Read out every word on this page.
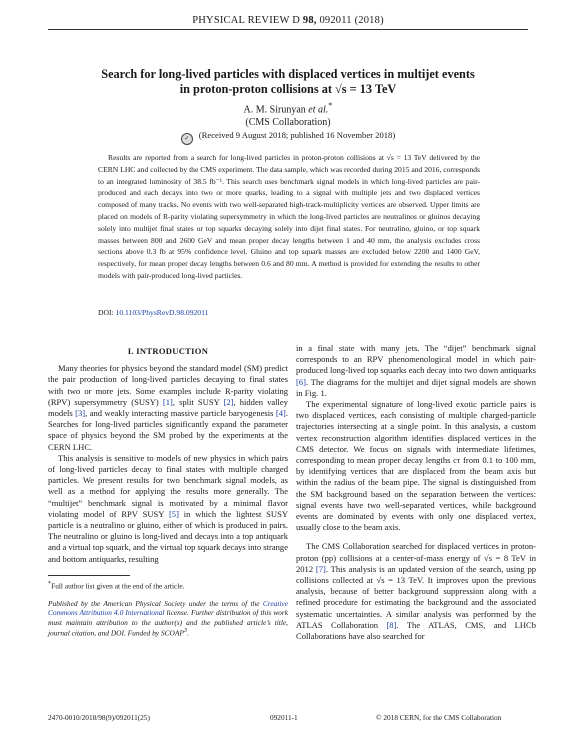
PHYSICAL REVIEW D 98, 092011 (2018)
Search for long-lived particles with displaced vertices in multijet events
in proton-proton collisions at √s = 13 TeV
A. M. Sirunyan et al.*
(CMS Collaboration)
✓ (Received 9 August 2018; published 16 November 2018)
Results are reported from a search for long-lived particles in proton-proton collisions at √s = 13 TeV delivered by the CERN LHC and collected by the CMS experiment. The data sample, which was recorded during 2015 and 2016, corresponds to an integrated luminosity of 38.5 fb⁻¹. This search uses benchmark signal models in which long-lived particles are pair-produced and each decays into two or more quarks, leading to a signal with multiple jets and two displaced vertices composed of many tracks. No events with two well-separated high-track-multiplicity vertices are observed. Upper limits are placed on models of R-parity violating supersymmetry in which the long-lived particles are neutralinos or gluinos decaying solely into multijet final states or top squarks decaying solely into dijet final states. For neutralino, gluino, or top squark masses between 800 and 2600 GeV and mean proper decay lengths between 1 and 40 mm, the analysis excludes cross sections above 0.3 fb at 95% confidence level. Gluino and top squark masses are excluded below 2200 and 1400 GeV, respectively, for mean proper decay lengths between 0.6 and 80 mm. A method is provided for extending the results to other models with pair-produced long-lived particles.
DOI: 10.1103/PhysRevD.98.092011
I. INTRODUCTION

Many theories for physics beyond the standard model (SM) predict the pair production of long-lived particles decaying to final states with two or more jets. Some examples include R-parity violating (RPV) supersymmetry (SUSY) [1], split SUSY [2], hidden valley models [3], and weakly interacting massive particle baryogenesis [4]. Searches for long-lived particles significantly expand the parameter space of physics beyond the SM probed by the experiments at the CERN LHC.

This analysis is sensitive to models of new physics in which pairs of long-lived particles decay to final states with multiple charged particles. We present results for two benchmark signal models, as well as a method for applying the results more generally. The “multijet” benchmark signal is motivated by a minimal flavor violating model of RPV SUSY [5] in which the lightest SUSY particle is a neutralino or gluino, either of which is produced in pairs. The neutralino or gluino is long-lived and decays into a top antiquark and a virtual top squark, and the virtual top squark decays into strange and bottom antiquarks, resulting

*Full author list given at the end of the article.
Published by the American Physical Society under the terms of the Creative Commons Attribution 4.0 International license. Further distribution of this work must maintain attribution to the author(s) and the published article’s title, journal citation, and DOI. Funded by SCOAP$^3$.

in a final state with many jets. The “dijet” benchmark signal corresponds to an RPV phenomenological model in which pair-produced long-lived top squarks each decay into two down antiquarks [6]. The diagrams for the multijet and dijet signal models are shown in Fig. 1.

The experimental signature of long-lived exotic particle pairs is two displaced vertices, each consisting of multiple charged-particle trajectories intersecting at a single point. In this analysis, a custom vertex reconstruction algorithm identifies displaced vertices in the CMS detector. We focus on signals with intermediate lifetimes, corresponding to mean proper decay lengths cτ from 0.1 to 100 mm, by identifying vertices that are displaced from the beam axis but within the radius of the beam pipe. The signal is distinguished from the SM background based on the separation between the vertices: signal events have two well-separated vertices, while background events are dominated by events with only one displaced vertex, usually close to the beam axis.

The CMS Collaboration searched for displaced vertices in proton-proton (pp) collisions at a center-of-mass energy of √s = 8 TeV in 2012 [7]. This analysis is an updated version of the search, using pp collisions collected at √s = 13 TeV. It improves upon the previous analysis, because of better background suppression along with a refined procedure for estimating the background and the associated systematic uncertainties. A similar analysis was performed by the ATLAS Collaboration [8]. The ATLAS, CMS, and LHCb Collaborations have also searched for

2470-0010/2018/98(9)/092011(25)	092011-1	© 2018 CERN, for the CMS Collaboration
